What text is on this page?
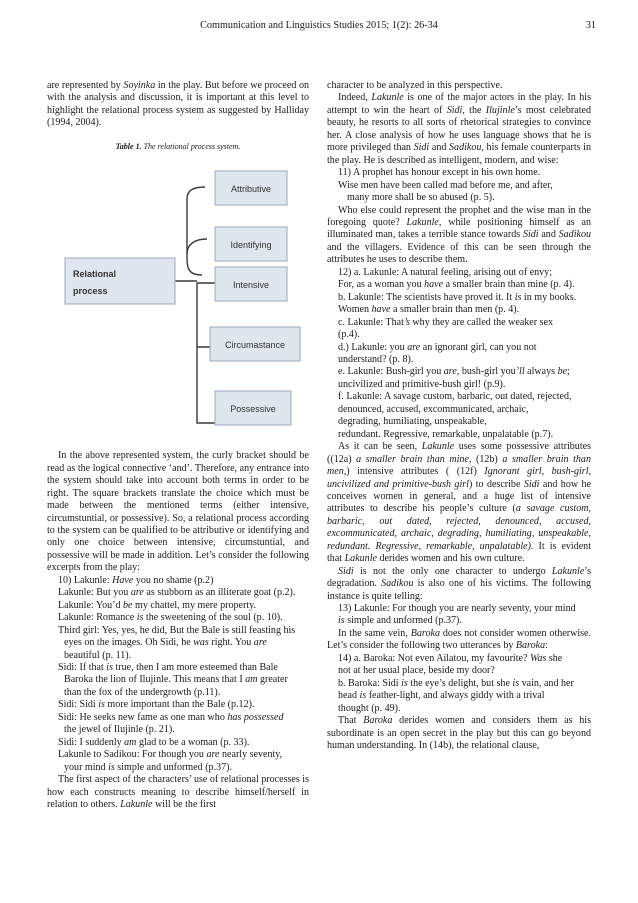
Communication and Linguistics Studies 2015; 1(2): 26-34	31

are represented by Soyinka in the play. But before we proceed on with the analysis and discussion, it is important at this level to highlight the relational process system as suggested by Halliday (1994, 2004).

Table 1. The relational process system.
Relational
process
Attributive
Identifying
Intensive
Circumastance
Possessive

In the above represented system, the curly bracket should be read as the logical connective ‘and’. Therefore, any entrance into the system should take into account both terms in order to be right. The square brackets translate the choice which must be made between the mentioned terms (either intensive, circumstuntial, or possessive). So, a relational process according to the system can be qualified to be attributive or identifying and only one choice between intensive, circumstuntial, and possessive will be made in addition. Let’s consider the following excerpts from the play:

10) Lakunle: Have you no shame (p.2)
Lakunle: But you are as stubborn as an illiterate goat (p.2).
Lakunle: You’d be my chattel, my mere property.
Lakunle: Romance is the sweetening of the soul (p. 10).
Third girl: Yes, yes, he did, But the Bale is still feasting his
eyes on the images. Oh Sidi, he was right. You are
beautiful (p. 11).
Sidi: If that is true, then I am more esteemed than Bale
Baroka the lion of Ilujinle. This means that I am greater
than the fox of the undergrowth (p.11).
Sidi: Sidi is more important than the Bale (p.12).
Sidi: He seeks new fame as one man who has possessed
the jewel of Ilujinle (p. 21).
Sidi: I suddenly am glad to be a woman (p. 33).
Lakunle to Sadikou: For though you are nearly seventy,
your mind is simple and unformed (p.37).

The first aspect of the characters’ use of relational processes is how each constructs meaning to describe himself/herself in relation to others. Lakunle will be the first

character to be analyzed in this perspective.

Indeed, Lakunle is one of the major actors in the play. In his attempt to win the heart of Sidi, the Ilujinle’s most celebrated beauty, he resorts to all sorts of rhetorical strategies to convince her. A close analysis of how he uses language shows that he is more privileged than Sidi and Sadikou, his female counterparts in the play. He is described as intelligent, modern, and wise:

11) A prophet has honour except in his own home.
Wise men have been called mad before me, and after,
many more shall be so abused (p. 5).

Who else could represent the prophet and the wise man in the foregoing quote? Lakunle, while positioning himself as an illuminated man, takes a terrible stance towards Sidi and Sadikou and the villagers. Evidence of this can be seen through the attributes he uses to describe them.

12) a. Lakunle: A natural feeling, arising out of envy;
For, as a woman you have a smaller brain than mine (p. 4).
b. Lakunle: The scientists have proved it. It is in my books.
Women have a smaller brain than men (p. 4).
c. Lakunle: That’s why they are called the weaker sex
(p.4).
d.) Lakunle: you are an ignorant girl, can you not
understand? (p. 8).
e. Lakunle: Bush-girl you are, bush-girl you’ll always be;
uncivilized and primitive-bush girl! (p.9).
f. Lakunle: A savage custom, barbaric, out dated, rejected,
denounced, accused, excommunicated, archaic,
degrading, humiliating, unspeakable,
redundant. Regressive, remarkable, unpalatable (p.7).

As it can be seen, Lakunle uses some possessive attributes ((12a) a smaller brain than mine, (12b) a smaller brain than men,) intensive attributes ( (12f) Ignorant girl, bush-girl, uncivilized and primitive-bush girl) to describe Sidi and how he conceives women in general, and a huge list of intensive attributes to describe his people’s culture (a savage custom, barbaric, out dated, rejected, denounced, accused, excommunicated, archaic, degrading, humiliating, unspeakable, redundant. Regressive, remarkable, unpalatable). It is evident that Lakunle derides women and his own culture.

Sidi is not the only one character to undergo Lakunle’s degradation. Sadikou is also one of his victims. The following instance is quite telling:

13) Lakunle: For though you are nearly seventy, your mind
is simple and unformed (p.37).

In the same vein, Baroka does not consider women otherwise. Let’s consider the following two utterances by Baroka:

14) a. Baroka: Not even Ailatou, my favourite? Was she
not at her usual place, beside my door?
b. Baroka: Sidi is the eye’s delight, but she is vain, and her
head is feather-light, and always giddy with a trival
thought (p. 49).

That Baroka derides women and considers them as his subordinate is an open secret in the play but this can go beyond human understanding. In (14b), the relational clause,
